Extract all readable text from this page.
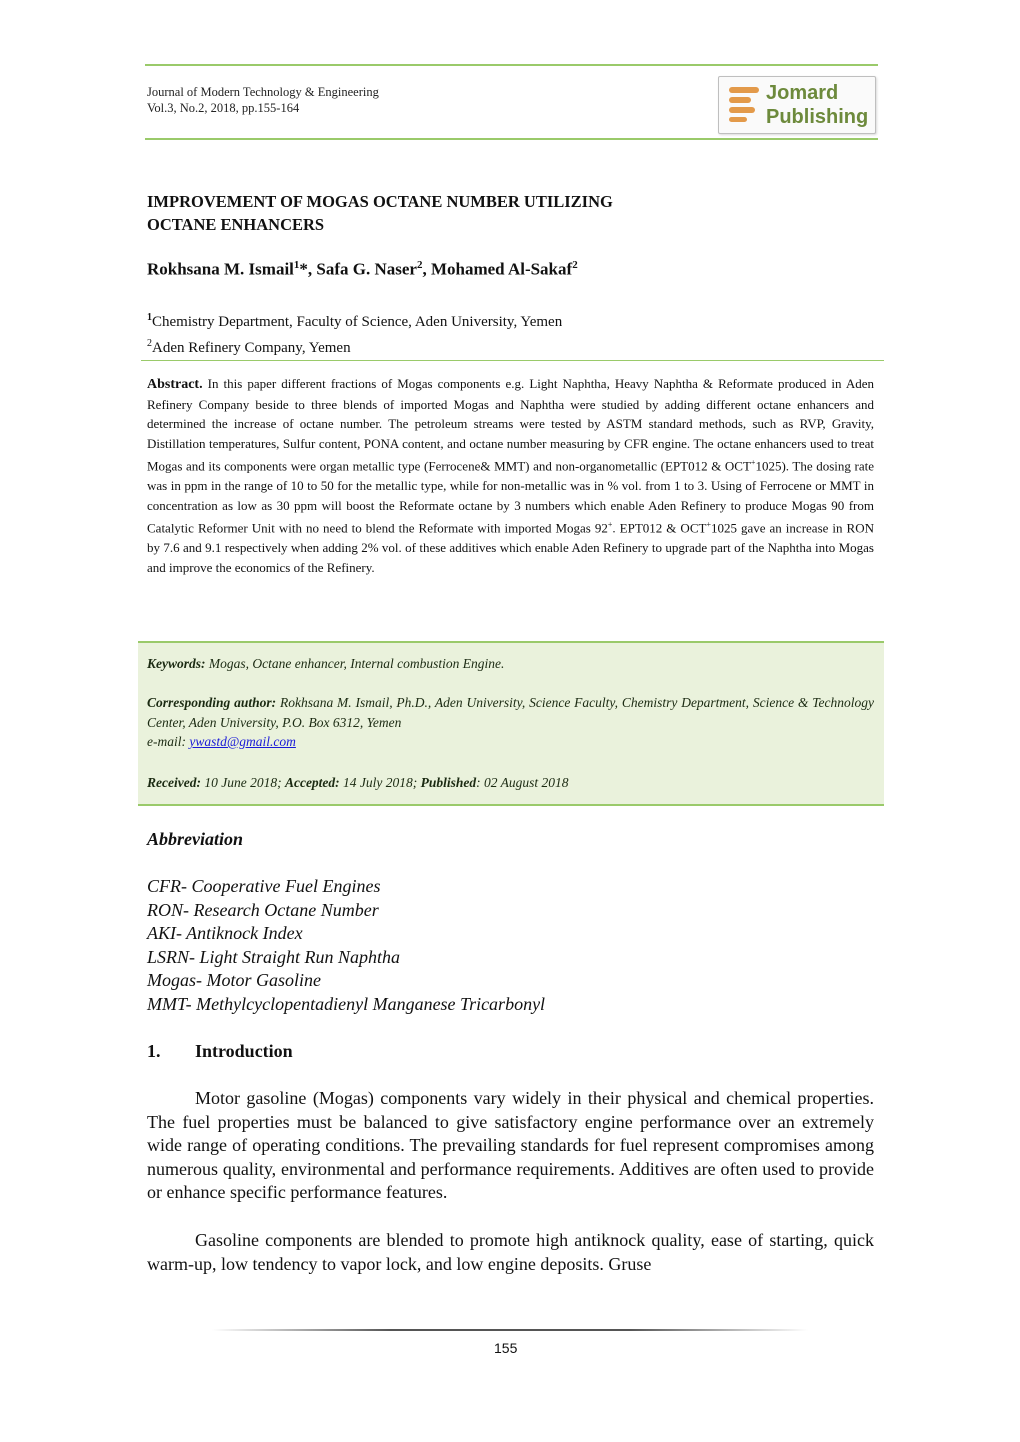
Journal of Modern Technology & Engineering
Vol.3, No.2, 2018, pp.155-164
Jomard
Publishing
IMPROVEMENT OF MOGAS OCTANE NUMBER UTILIZING
OCTANE ENHANCERS
Rokhsana M. Ismail$^1$*, Safa G. Naser$^2$, Mohamed Al-Sakaf$^2$
$^1$Chemistry Department, Faculty of Science, Aden University, Yemen
$^2$Aden Refinery Company, Yemen
Abstract. In this paper different fractions of Mogas components e.g. Light Naphtha, Heavy Naphtha & Reformate produced in Aden Refinery Company beside to three blends of imported Mogas and Naphtha were studied by adding different octane enhancers and determined the increase of octane number. The petroleum streams were tested by ASTM standard methods, such as RVP, Gravity, Distillation temperatures, Sulfur content, PONA content, and octane number measuring by CFR engine. The octane enhancers used to treat Mogas and its components were organ metallic type (Ferrocene& MMT) and non-organometallic (EPT012 & OCT+1025). The dosing rate was in ppm in the range of 10 to 50 for the metallic type, while for non-metallic was in % vol. from 1 to 3. Using of Ferrocene or MMT in concentration as low as 30 ppm will boost the Reformate octane by 3 numbers which enable Aden Refinery to produce Mogas 90 from Catalytic Reformer Unit with no need to blend the Reformate with imported Mogas 92+. EPT012 & OCT+1025 gave an increase in RON by 7.6 and 9.1 respectively when adding 2% vol. of these additives which enable Aden Refinery to upgrade part of the Naphtha into Mogas and improve the economics of the Refinery.
Keywords: Mogas, Octane enhancer, Internal combustion Engine.
Corresponding author: Rokhsana M. Ismail, Ph.D., Aden University, Science Faculty, Chemistry Department, Science & Technology Center, Aden University, P.O. Box 6312, Yemen
e-mail: ywastd@gmail.com
Received: 10 June 2018; Accepted: 14 July 2018; Published: 02 August 2018
Abbreviation
CFR- Cooperative Fuel Engines
RON- Research Octane Number
AKI- Antiknock Index
LSRN- Light Straight Run Naphtha
Mogas- Motor Gasoline
MMT- Methylcyclopentadienyl Manganese Tricarbonyl
1. Introduction
Motor gasoline (Mogas) components vary widely in their physical and chemical properties. The fuel properties must be balanced to give satisfactory engine performance over an extremely wide range of operating conditions. The prevailing standards for fuel represent compromises among numerous quality, environmental and performance requirements. Additives are often used to provide or enhance specific performance features.
Gasoline components are blended to promote high antiknock quality, ease of starting, quick warm-up, low tendency to vapor lock, and low engine deposits. Gruse
155
